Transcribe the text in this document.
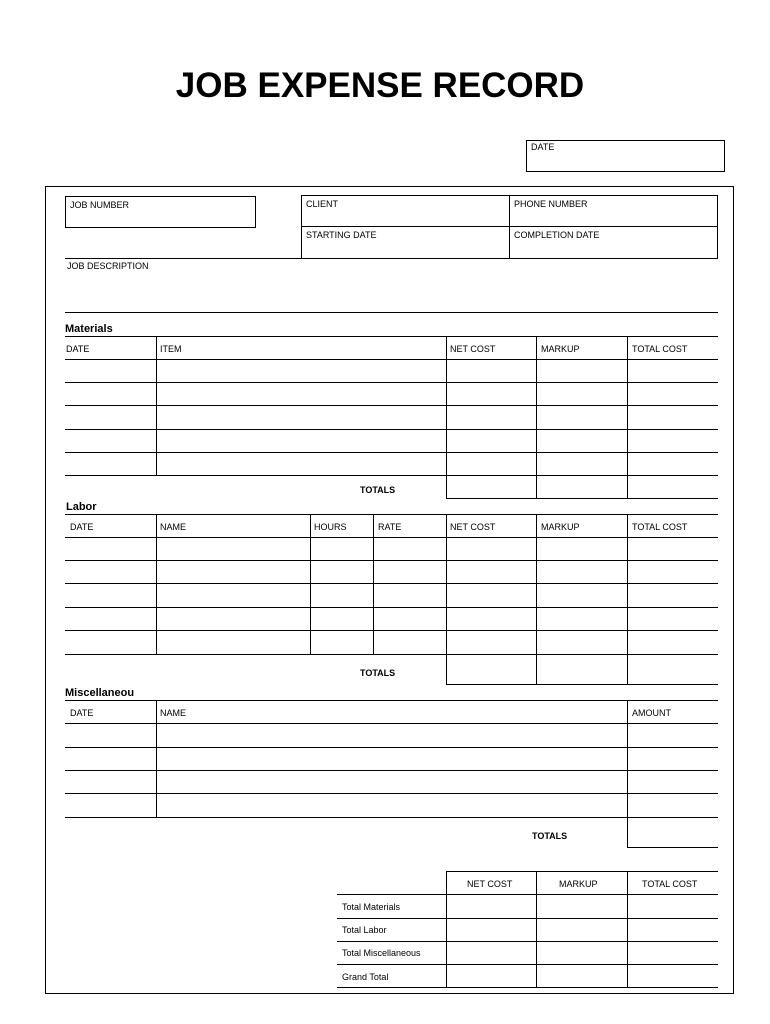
JOB EXPENSE RECORD
DATE
JOB NUMBER	CLIENT	PHONE NUMBER
STARTING DATE	COMPLETION DATE
JOB DESCRIPTION
Materials
DATE	ITEM	NET COST	MARKUP	TOTAL COST
TOTALS
Labor
DATE	NAME	HOURS	RATE	NET COST	MARKUP	TOTAL COST
TOTALS
Miscellaneou
DATE	NAME	AMOUNT
TOTALS
NET COST	MARKUP	TOTAL COST
Total Materials
Total Labor
Total Miscellaneous
Grand Total
